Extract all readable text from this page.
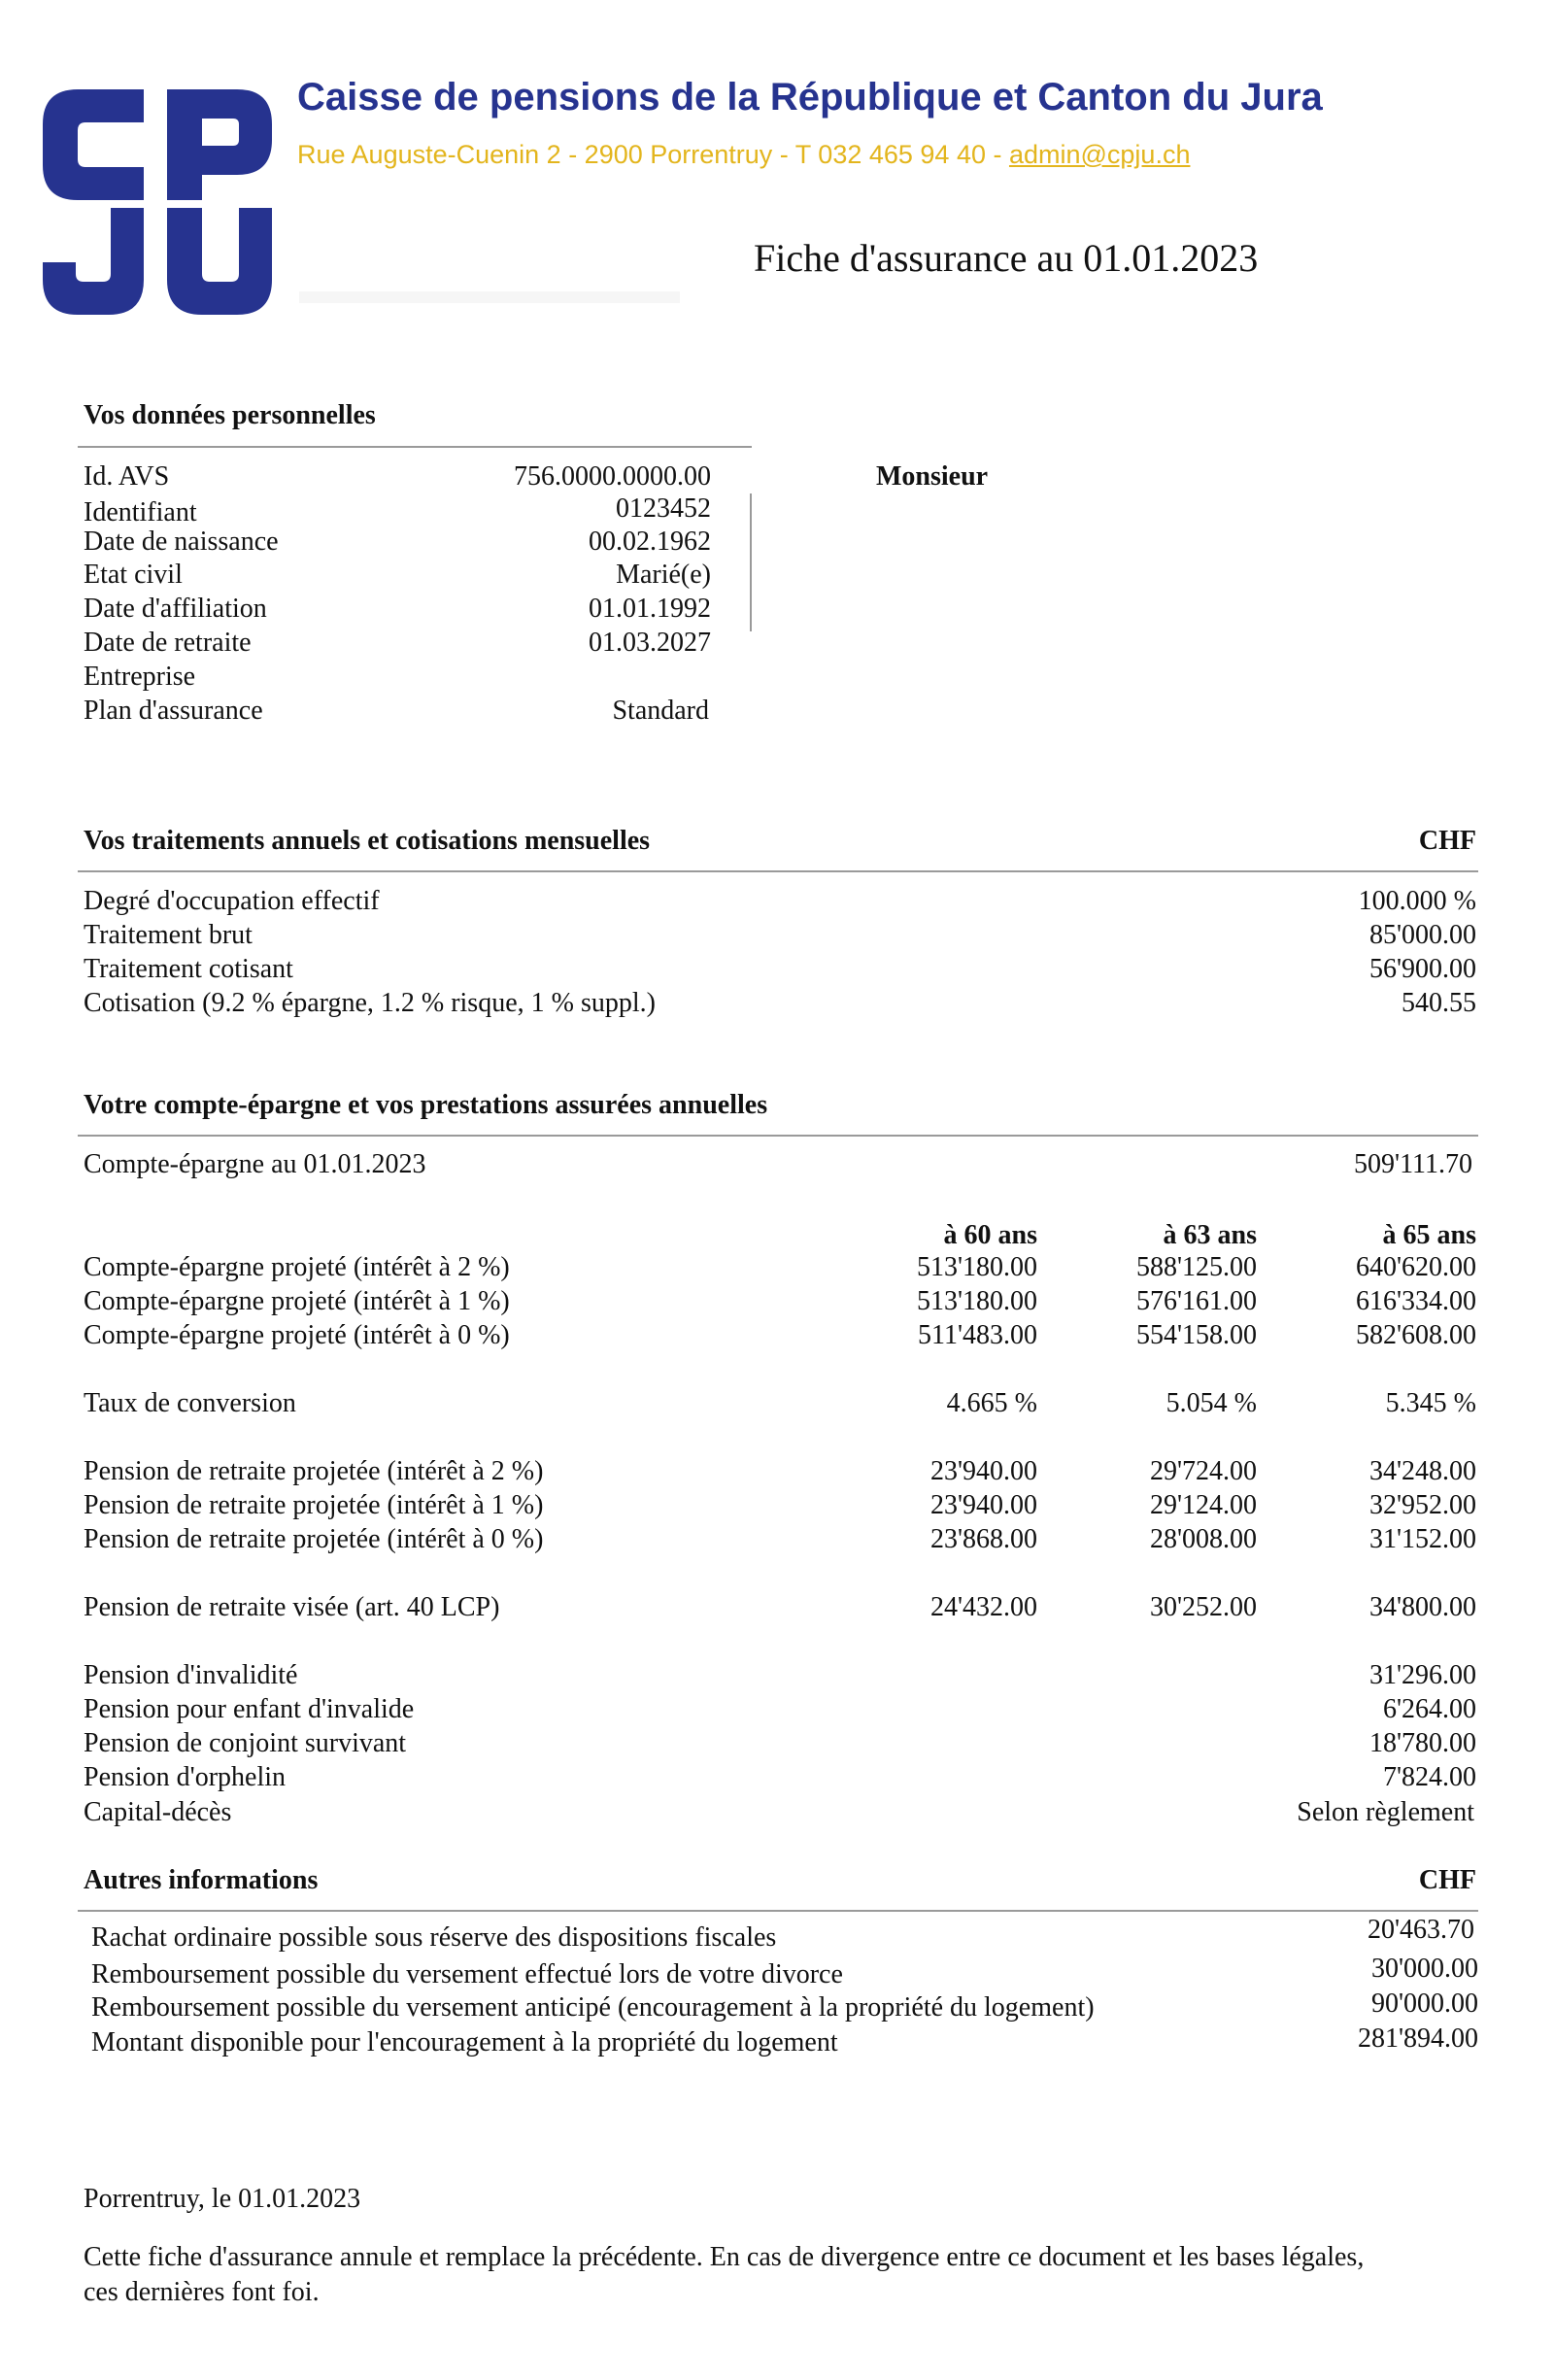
Caisse de pensions de la République et Canton du Jura
Rue Auguste-Cuenin 2 - 2900 Porrentruy - T 032 465 94 40 - admin@cpju.ch
Fiche d'assurance au 01.01.2023
Vos données personnelles
Monsieur
Id. AVS	756.0000.0000.00
Identifiant	0123452
Date de naissance	00.02.1962
Etat civil	Marié(e)
Date d'affiliation	01.01.1992
Date de retraite	01.03.2027
Entreprise
Plan d'assurance	Standard
Vos traitements annuels et cotisations mensuelles	CHF
Degré d'occupation effectif	100.000 %
Traitement brut	85'000.00
Traitement cotisant	56'900.00
Cotisation (9.2 % épargne, 1.2 % risque, 1 % suppl.)	540.55
Votre compte-épargne et vos prestations assurées annuelles
Compte-épargne au 01.01.2023	509'111.70
à 60 ans	à 63 ans	à 65 ans
Compte-épargne projeté (intérêt à 2 %)	513'180.00	588'125.00	640'620.00
Compte-épargne projeté (intérêt à 1 %)	513'180.00	576'161.00	616'334.00
Compte-épargne projeté (intérêt à 0 %)	511'483.00	554'158.00	582'608.00
Taux de conversion	4.665 %	5.054 %	5.345 %
Pension de retraite projetée (intérêt à 2 %)	23'940.00	29'724.00	34'248.00
Pension de retraite projetée (intérêt à 1 %)	23'940.00	29'124.00	32'952.00
Pension de retraite projetée (intérêt à 0 %)	23'868.00	28'008.00	31'152.00
Pension de retraite visée (art. 40 LCP)	24'432.00	30'252.00	34'800.00
Pension d'invalidité	31'296.00
Pension pour enfant d'invalide	6'264.00
Pension de conjoint survivant	18'780.00
Pension d'orphelin	7'824.00
Capital-décès	Selon règlement
Autres informations	CHF
Rachat ordinaire possible sous réserve des dispositions fiscales	20'463.70
Remboursement possible du versement effectué lors de votre divorce	30'000.00
Remboursement possible du versement anticipé (encouragement à la propriété du logement)	90'000.00
Montant disponible pour l'encouragement à la propriété du logement	281'894.00
Porrentruy, le 01.01.2023
Cette fiche d'assurance annule et remplace la précédente. En cas de divergence entre ce document et les bases légales, ces dernières font foi.
